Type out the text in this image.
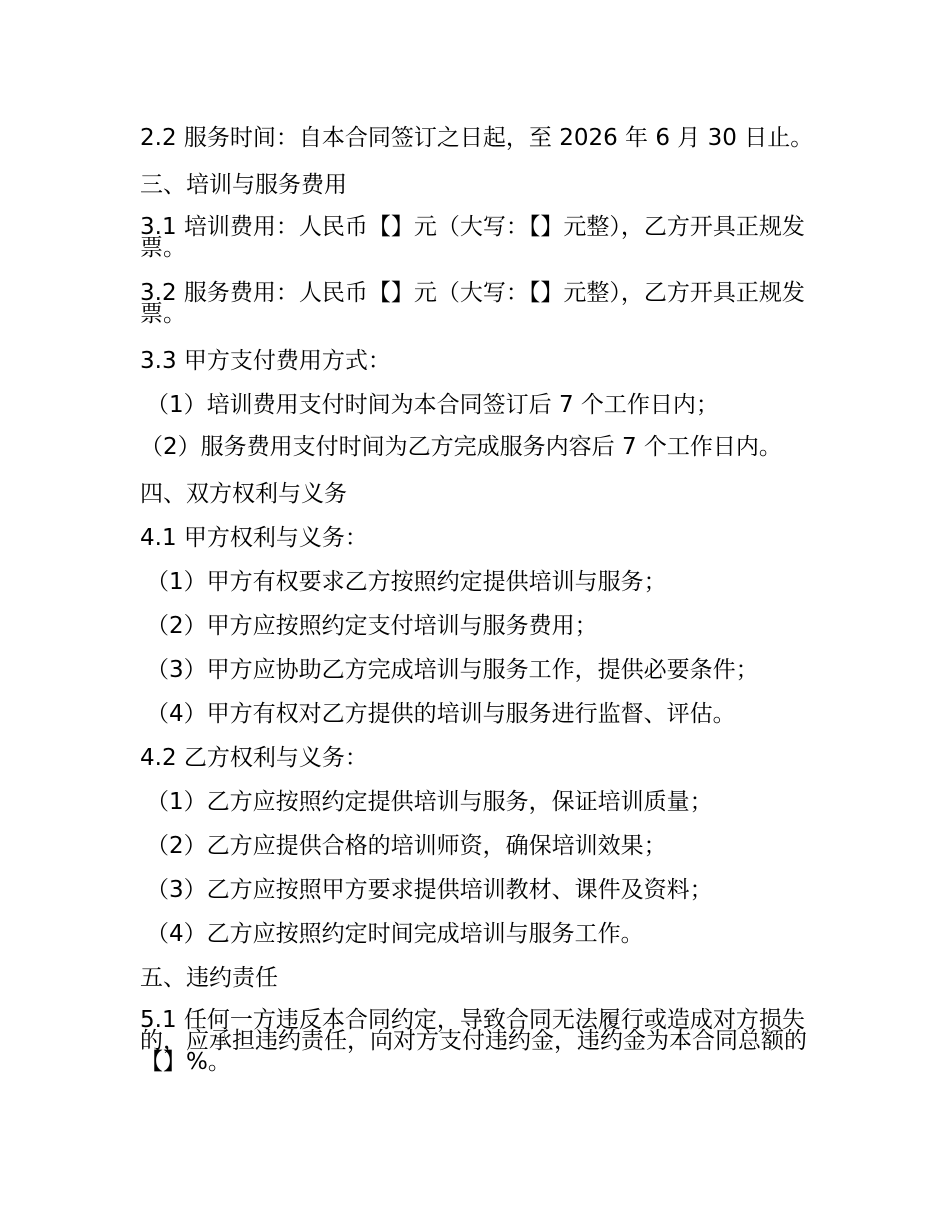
2.2 服务时间：自本合同签订之日起，至 2026 年 6 月 30 日止。

三、培训与服务费用

3.1 培训费用：人民币【】元（大写：【】元整），乙方开具正规发票。

3.2 服务费用：人民币【】元（大写：【】元整），乙方开具正规发票。

3.3 甲方支付费用方式：

（1）培训费用支付时间为本合同签订后 7 个工作日内；

（2）服务费用支付时间为乙方完成服务内容后 7 个工作日内。

四、双方权利与义务

4.1 甲方权利与义务：

（1）甲方有权要求乙方按照约定提供培训与服务；

（2）甲方应按照约定支付培训与服务费用；

（3）甲方应协助乙方完成培训与服务工作，提供必要条件；

（4）甲方有权对乙方提供的培训与服务进行监督、评估。

4.2 乙方权利与义务：

（1）乙方应按照约定提供培训与服务，保证培训质量；

（2）乙方应提供合格的培训师资，确保培训效果；

（3）乙方应按照甲方要求提供培训教材、课件及资料；

（4）乙方应按照约定时间完成培训与服务工作。

五、违约责任

5.1 任何一方违反本合同约定，导致合同无法履行或造成对方损失的，应承担违约责任，向对方支付违约金，违约金为本合同总额的【】%。
